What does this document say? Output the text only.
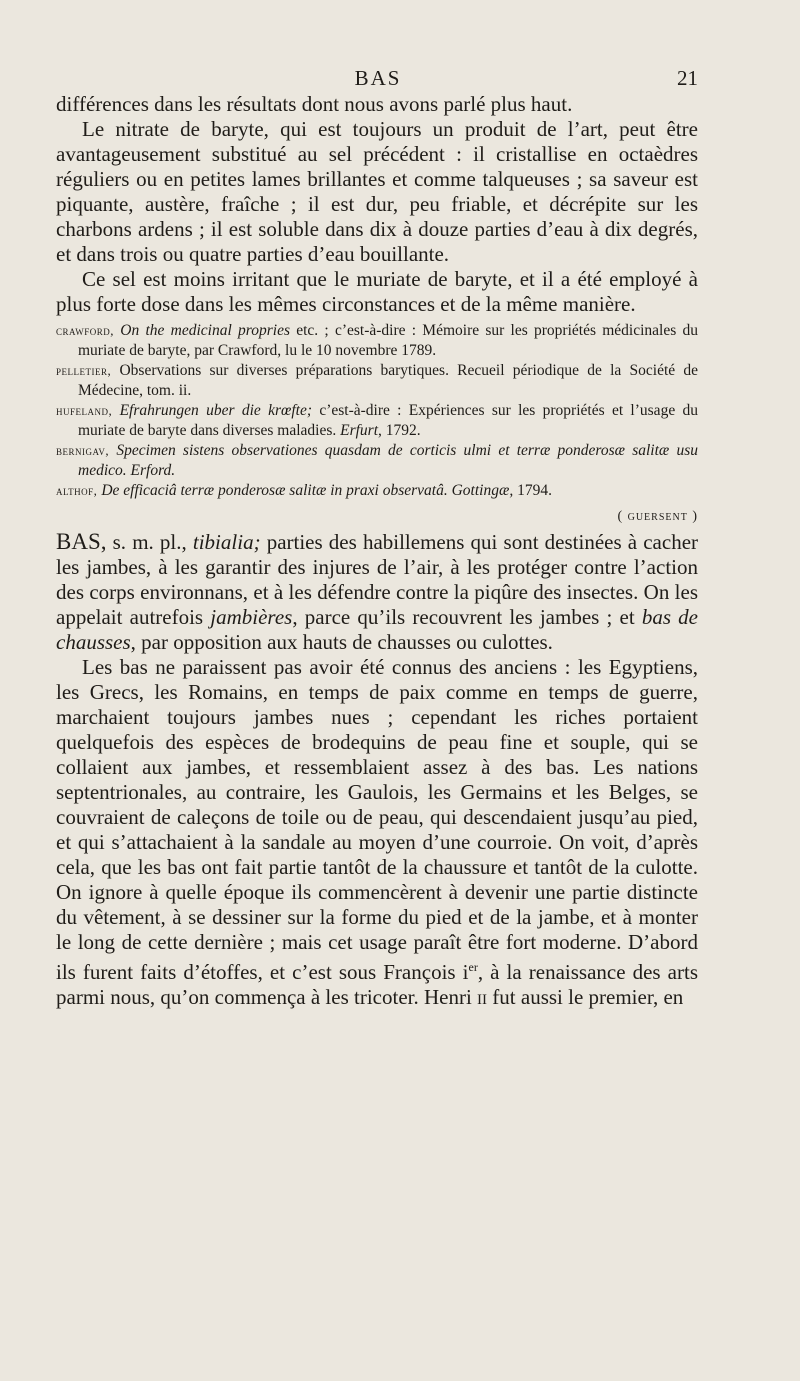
BAS	21

différences dans les résultats dont nous avons parlé plus haut.

Le nitrate de baryte, qui est toujours un produit de l’art, peut être avantageusement substitué au sel précédent : il cristallise en octaèdres réguliers ou en petites lames brillantes et comme talqueuses ; sa saveur est piquante, austère, fraîche ; il est dur, peu friable, et décrépite sur les charbons ardens ; il est soluble dans dix à douze parties d’eau à dix degrés, et dans trois ou quatre parties d’eau bouillante.

Ce sel est moins irritant que le muriate de baryte, et il a été employé à plus forte dose dans les mêmes circonstances et de la même manière.

crawford, On the medicinal propries etc. ; c’est-à-dire : Mémoire sur les propriétés médicinales du muriate de baryte, par Crawford, lu le 10 novembre 1789.

pelletier, Observations sur diverses préparations barytiques. Recueil périodique de la Société de Médecine, tom. ii.

hufeland, Efrahrungen uber die krœfte; c’est-à-dire : Expériences sur les propriétés et l’usage du muriate de baryte dans diverses maladies. Erfurt, 1792.

bernigav, Specimen sistens observationes quasdam de corticis ulmi et terræ ponderosæ salitæ usu medico. Erford.

althof, De efficaciâ terræ ponderosæ salitæ in praxi observatâ. Gottingæ, 1794.

( guersent )

BAS, s. m. pl., tibialia; parties des habillemens qui sont destinées à cacher les jambes, à les garantir des injures de l’air, à les protéger contre l’action des corps environnans, et à les défendre contre la piqûre des insectes. On les appelait autrefois jambières, parce qu’ils recouvrent les jambes ; et bas de chausses, par opposition aux hauts de chausses ou culottes.

Les bas ne paraissent pas avoir été connus des anciens : les Egyptiens, les Grecs, les Romains, en temps de paix comme en temps de guerre, marchaient toujours jambes nues ; cependant les riches portaient quelquefois des espèces de brodequins de peau fine et souple, qui se collaient aux jambes, et ressemblaient assez à des bas. Les nations septentrionales, au contraire, les Gaulois, les Germains et les Belges, se couvraient de caleçons de toile ou de peau, qui descendaient jusqu’au pied, et qui s’attachaient à la sandale au moyen d’une courroie. On voit, d’après cela, que les bas ont fait partie tantôt de la chaussure et tantôt de la culotte. On ignore à quelle époque ils commencèrent à devenir une partie distincte du vêtement, à se dessiner sur la forme du pied et de la jambe, et à monter le long de cette dernière ; mais cet usage paraît être fort moderne. D’abord ils furent faits d’étoffes, et c’est sous François $i^{er}$, à la renaissance des arts parmi nous, qu’on commença à les tricoter. Henri ii fut aussi le premier, en
